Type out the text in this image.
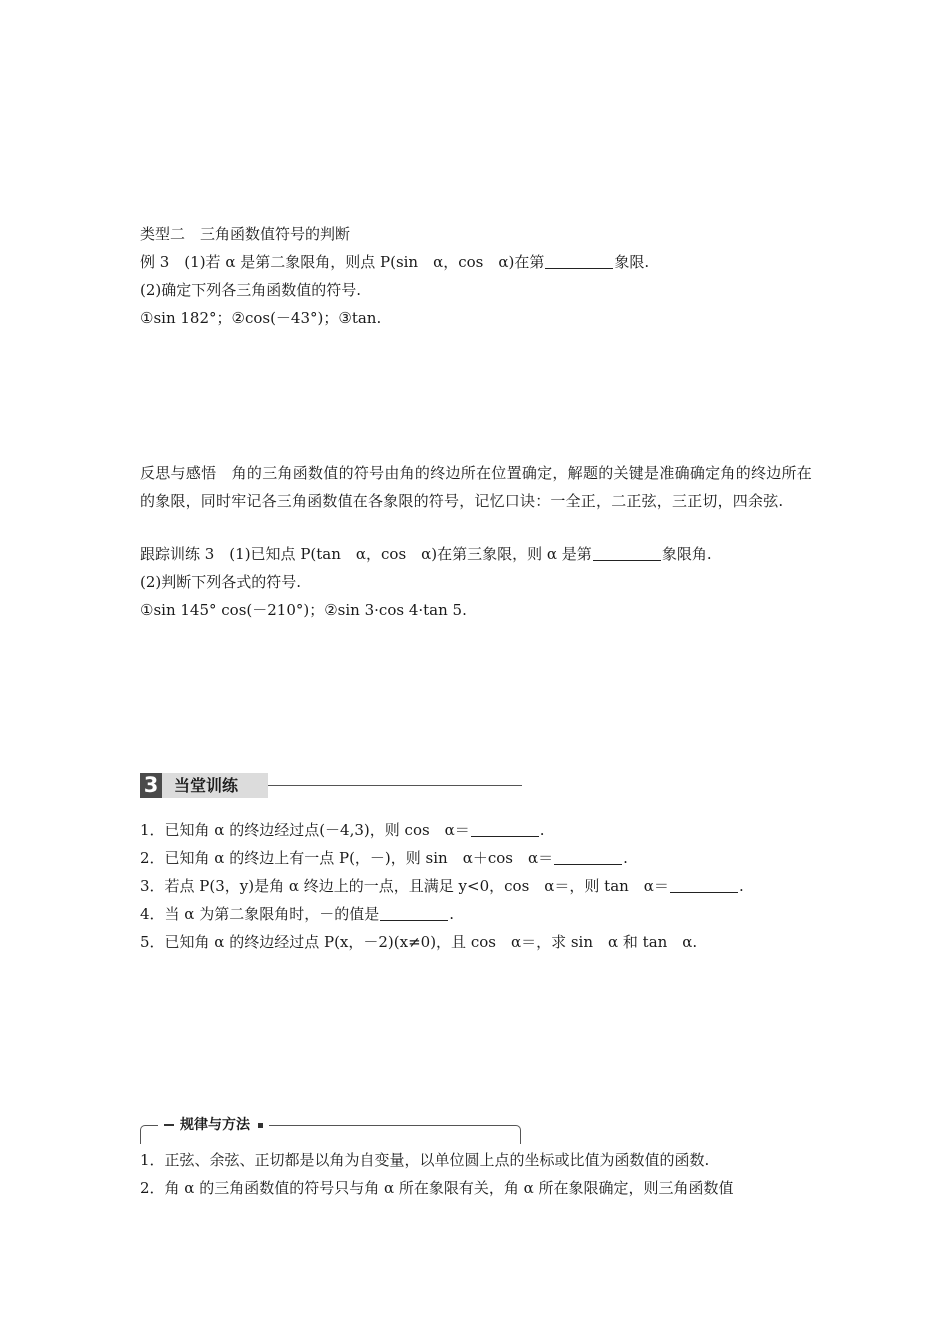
类型二　三角函数值符号的判断
例 3　(1)若 α 是第二象限角，则点 P(sin　α，cos　α)在第	象限.
(2)确定下列各三角函数值的符号.
①sin 182°；②cos(－43°)；③tan.
反思与感悟　角的三角函数值的符号由角的终边所在位置确定，解题的关键是准确确定角的终边所在的象限，同时牢记各三角函数值在各象限的符号，记忆口诀：一全正，二正弦，三正切，四余弦.
跟踪训练 3　(1)已知点 P(tan　α，cos　α)在第三象限，则 α 是第	象限角.
(2)判断下列各式的符号.
①sin 145° cos(－210°)；②sin 3·cos 4·tan 5.
3 当堂训练
1．已知角 α 的终边经过点(－4,3)，则 cos　α＝	.
2．已知角 α 的终边上有一点 P(，－)，则 sin　α＋cos　α＝	.
3．若点 P(3，y)是角 α 终边上的一点，且满足 y<0，cos　α＝，则 tan　α＝	.
4．当 α 为第二象限角时，－的值是	.
5．已知角 α 的终边经过点 P(x，－2)(x≠0)，且 cos　α＝，求 sin　α 和 tan　α.
规律与方法
1．正弦、余弦、正切都是以角为自变量，以单位圆上点的坐标或比值为函数值的函数.
2．角 α 的三角函数值的符号只与角 α 所在象限有关，角 α 所在象限确定，则三角函数值
